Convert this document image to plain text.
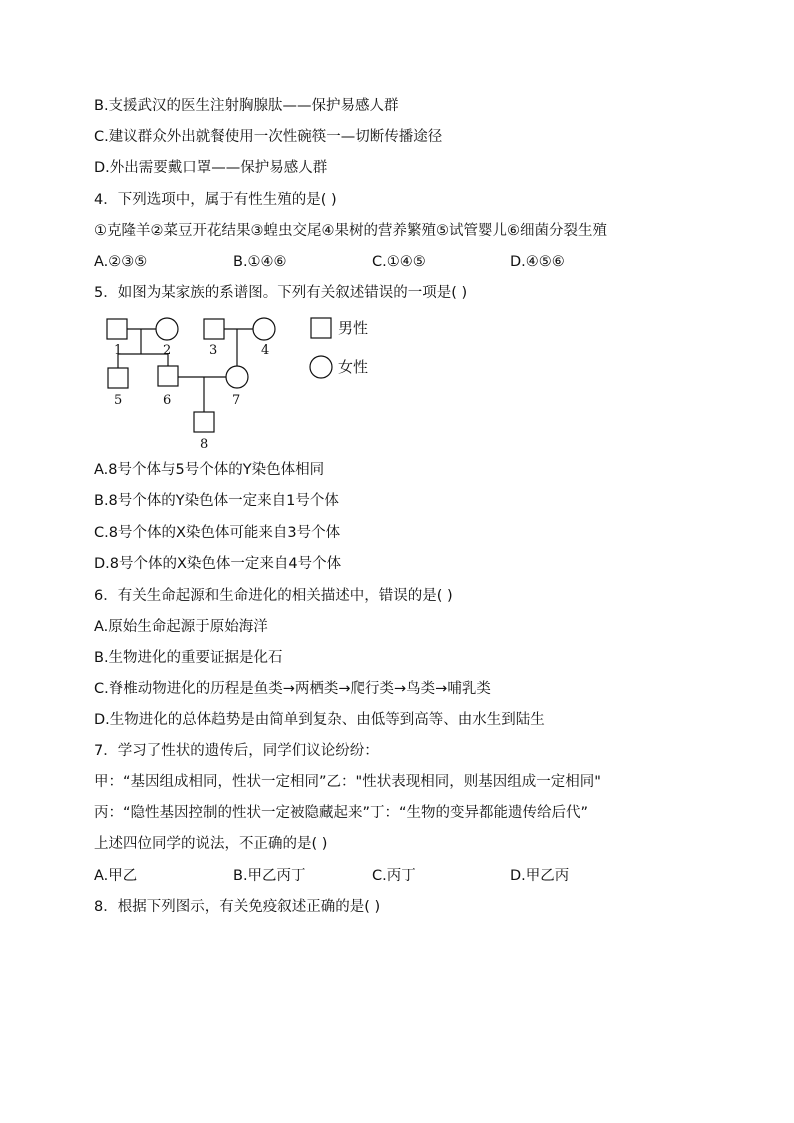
B.支援武汉的医生注射胸腺肽——保护易感人群
C.建议群众外出就餐使用一次性碗筷一—切断传播途径
D.外出需要戴口罩——保护易感人群
4．下列选项中，属于有性生殖的是( )
①克隆羊②菜豆开花结果③蝗虫交尾④果树的营养繁殖⑤试管婴儿⑥细菌分裂生殖
A.②③⑤	B.①④⑥	C.①④⑤	D.④⑤⑥
5．如图为某家族的系谱图。下列有关叙述错误的一项是( )
1	2	3	4
5	6	7
8
男性
女性
A.8号个体与5号个体的Y染色体相同
B.8号个体的Y染色体一定来自1号个体
C.8号个体的X染色体可能来自3号个体
D.8号个体的X染色体一定来自4号个体
6．有关生命起源和生命进化的相关描述中，错误的是( )
A.原始生命起源于原始海洋
B.生物进化的重要证据是化石
C.脊椎动物进化的历程是鱼类→两栖类→爬行类→鸟类→哺乳类
D.生物进化的总体趋势是由简单到复杂、由低等到高等、由水生到陆生
7．学习了性状的遗传后，同学们议论纷纷：
甲：“基因组成相同，性状一定相同”乙："性状表现相同，则基因组成一定相同"
丙：“隐性基因控制的性状一定被隐藏起来”丁：“生物的变异都能遗传给后代”
上述四位同学的说法，不正确的是( )
A.甲乙	B.甲乙丙丁	C.丙丁	D.甲乙丙
8．根据下列图示，有关免疫叙述正确的是( )
